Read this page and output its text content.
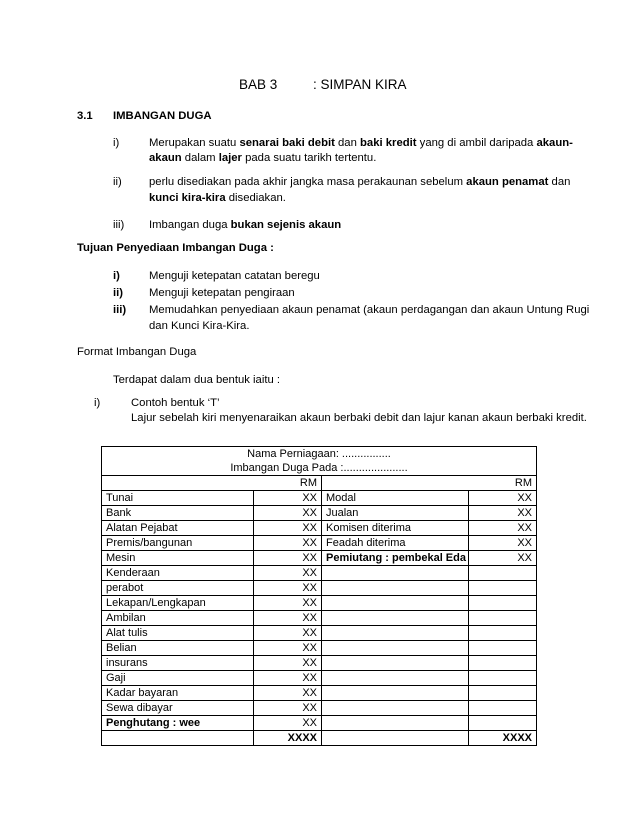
BAB 3	: SIMPAN KIRA
3.1 IMBANGAN DUGA
i)	Merupakan suatu senarai baki debit dan baki kredit yang di ambil daripada akaun-
akaun dalam lajer pada suatu tarikh tertentu.
ii) perlu disediakan pada akhir jangka masa perakaunan sebelum akaun penamat dan
kunci kira-kira disediakan.
iii) Imbangan duga bukan sejenis akaun
Tujuan Penyediaan Imbangan Duga :
i)	Menguji ketepatan catatan beregu
ii) Menguji ketepatan pengiraan
iii) Memudahkan penyediaan akaun penamat (akaun perdagangan dan akaun Untung Rugi
dan Kunci Kira-Kira.
Format Imbangan Duga
Terdapat dalam dua bentuk iaitu :
i)	Contoh bentuk ‘T’
Lajur sebelah kiri menyenaraikan akaun berbaki debit dan lajur kanan akaun berbaki kredit.
Nama Perniagaan: ................			
Imbangan Duga Pada :.....................			
RM		RM	
Tunai	XX	Modal	XX
Bank	XX	Jualan	XX
Alatan Pejabat	XX	Komisen diterima	XX
Premis/bangunan	XX	Feadah diterima	XX
Mesin	XX	Pemiutang : pembekal Eda	XX
Kenderaan	XX		
perabot	XX		
Lekapan/Lengkapan	XX		
Ambilan	XX		
Alat tulis	XX		
Belian	XX		
insurans	XX		
Gaji	XX		
Kadar bayaran	XX		
Sewa dibayar	XX		
Penghutang : wee	XX		
	XXXX		XXXX
